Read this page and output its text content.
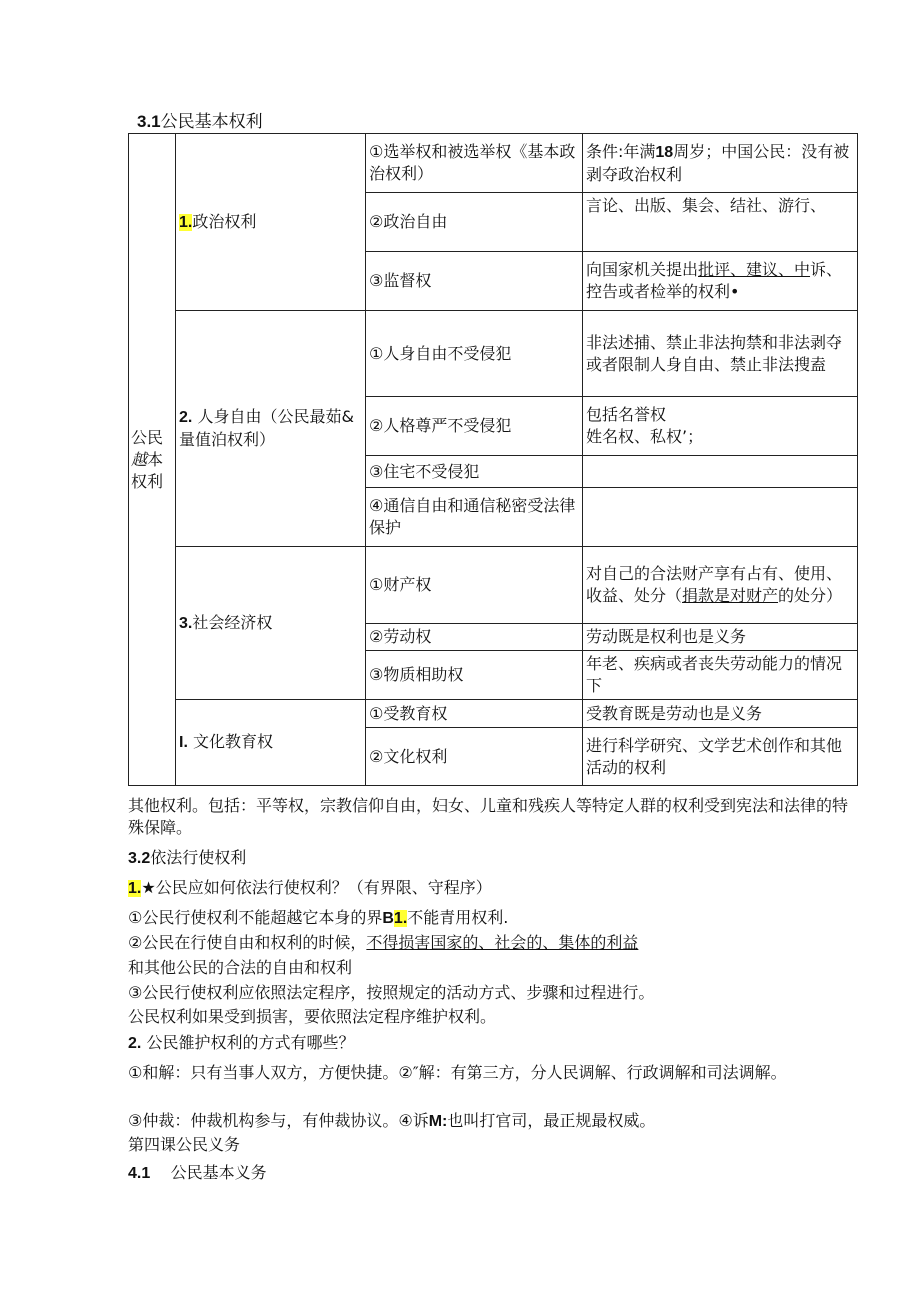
3.1公民基本权利
公民
越本
权利	1.政治权利	①选举权和被选举权《基本政治权利）	条件:年满18周岁；中国公民：没有被剥夺政治权利
		②政治自由	言论、出版、集会、结社、游行、
		③监督权	向国家机关提出批评、建议、中诉、控告或者检举的权利•
	2. 人身自由（公民最茹&量值泊权利）	①人身自由不受侵犯	非法述捕、禁止非法拘禁和非法剥夺或者限制人身自由、禁止非法搜盍
		②人格尊严不受侵犯	包括名誉权
姓名权、私权’；
		③住宅不受侵犯	
		④通信自由和通信秘密受法律保护	
	3.社会经济权	①财产权	对自己的合法财产享有占有、使用、收益、处分（捐款是对财产的处分）
		②劳动权	劳动既是权利也是义务
		③物质相助权	年老、疾病或者丧失劳动能力的情况下
	I. 文化教育权	①受教育权	受教育既是劳动也是义务
		②文化权利	进行科学研究、文学艺术创作和其他活动的权利
其他权利。包括：平等权，宗教信仰自由，妇女、儿童和残疾人等特定人群的权利受到宪法和法律的特殊保障。
3.2依法行使权利
1.★公民应如何依法行使权利？（有界限、守程序）
①公民行使权利不能超越它本身的界B1.不能青用权利.
②公民在行使自由和权利的时候，不得损害国家的、社会的、集体的利益
和其他公民的合法的自由和权利
③公民行使权利应依照法定程序，按照规定的活动方式、步骤和过程进行。
公民权利如果受到损害，要依照法定程序维护权利。
2. 公民雒护权利的方式有哪些？
①和解：只有当事人双方，方便快捷。②″解：有第三方，分人民调解、行政调解和司法调解。
③仲裁：仲裁机构参与，有仲裁协议。④诉M:也叫打官司，最正规最权威。
第四课公民义务
4.1 公民基本义务
